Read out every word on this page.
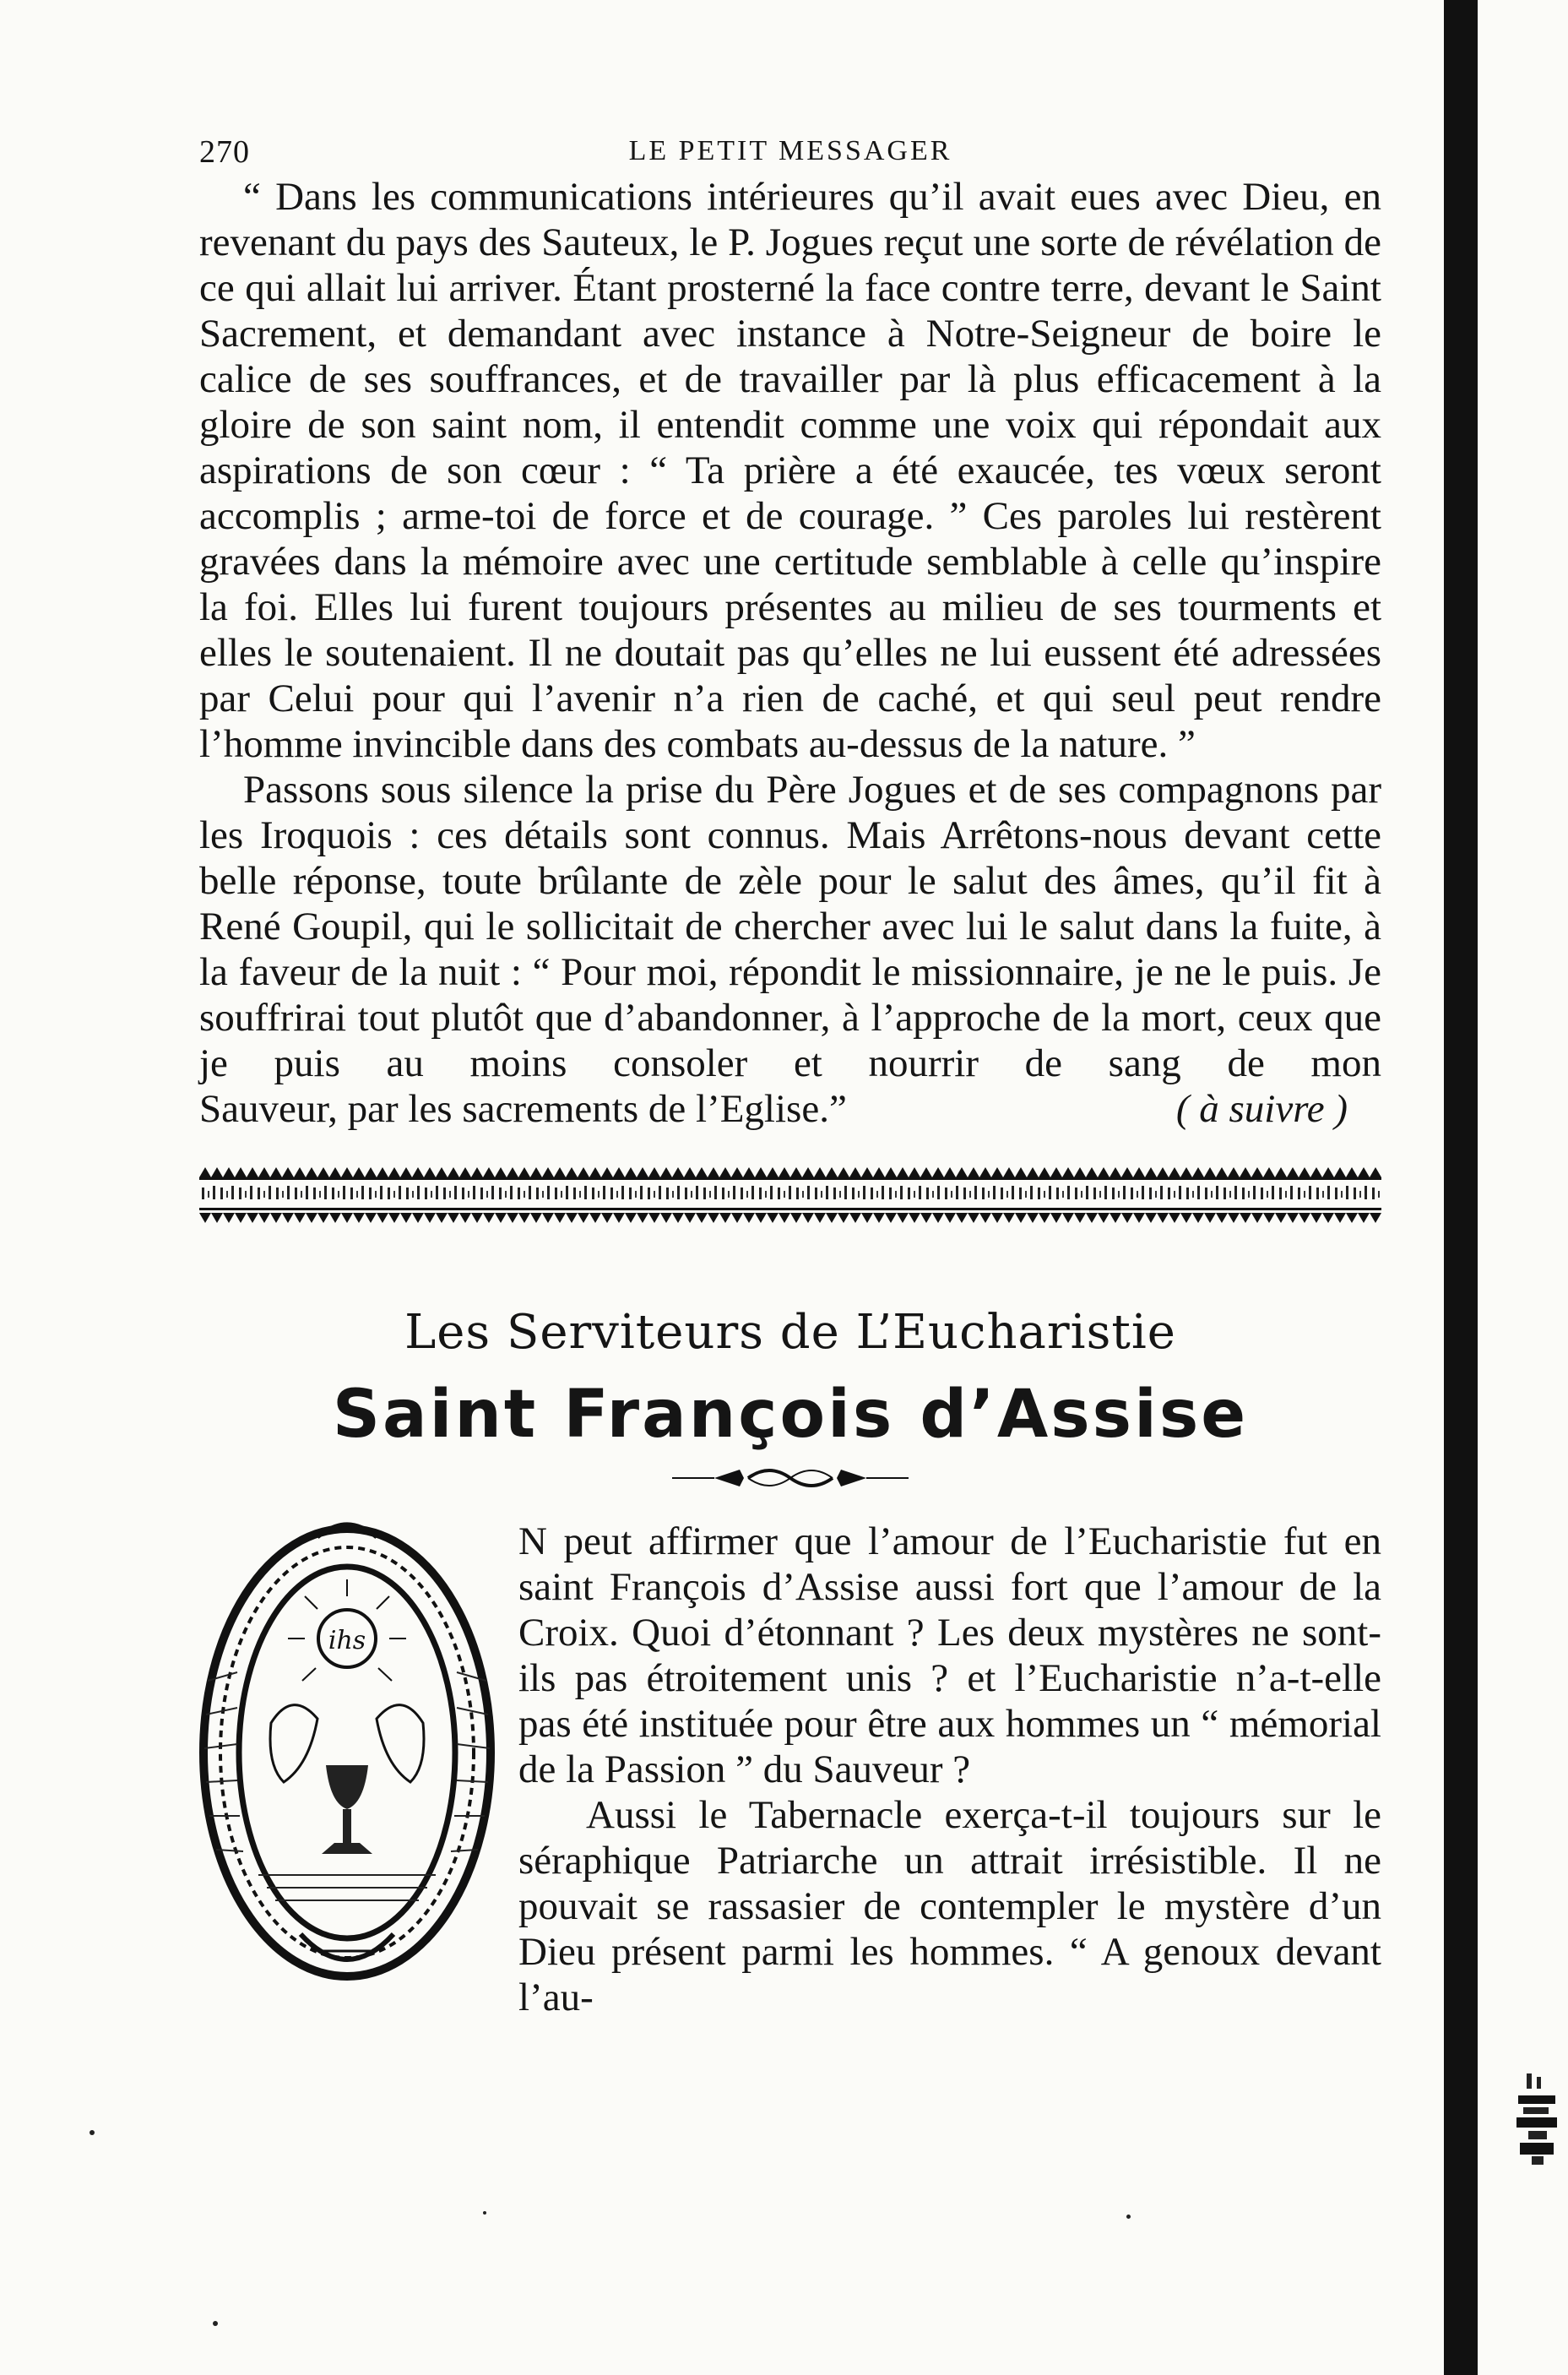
270	LE PETIT MESSAGER

“ Dans les communications intérieures qu’il avait eues avec Dieu, en revenant du pays des Sauteux, le P. Jogues reçut une sorte de révélation de ce qui allait lui arriver. Étant prosterné la face contre terre, devant le Saint Sacrement, et demandant avec instance à Notre-Seigneur de boire le calice de ses souffrances, et de travailler par là plus efficacement à la gloire de son saint nom, il entendit comme une voix qui répondait aux aspirations de son cœur : “ Ta prière a été exaucée, tes vœux seront accomplis ; arme-toi de force et de courage. ” Ces paroles lui restèrent gravées dans la mémoire avec une certitude semblable à celle qu’inspire la foi. Elles lui furent toujours présentes au milieu de ses tourments et elles le soutenaient. Il ne doutait pas qu’elles ne lui eussent été adressées par Celui pour qui l’avenir n’a rien de caché, et qui seul peut rendre l’homme invincible dans des combats au-dessus de la nature. ”

Passons sous silence la prise du Père Jogues et de ses compagnons par les Iroquois : ces détails sont connus. Mais Arrêtons-nous devant cette belle réponse, toute brûlante de zèle pour le salut des âmes, qu’il fit à René Goupil, qui le sollicitait de chercher avec lui le salut dans la fuite, à la faveur de la nuit : “ Pour moi, répondit le missionnaire, je ne le puis. Je souffrirai tout plutôt que d’abandonner, à l’approche de la mort, ceux que je puis au moins consoler et nourrir de sang de mon

Sauveur, par les sacrements de l’Eglise.”	( à suivre )
Les Serviteurs de L’Eucharistie
Saint François d’Assise
ihs

N peut affirmer que l’amour de l’Eucharistie fut en saint François d’Assise aussi fort que l’amour de la Croix. Quoi d’étonnant ? Les deux mystères ne sont-ils pas étroitement unis ? et l’Eucharistie n’a-t-elle pas été instituée pour être aux hommes un “ mémorial de la Passion ” du Sauveur ?

Aussi le Tabernacle exerça-t-il toujours sur le séraphique Patriarche un attrait irrésistible. Il ne pouvait se rassasier de contempler le mystère d’un Dieu présent parmi les hommes. “ A genoux devant l’au-
